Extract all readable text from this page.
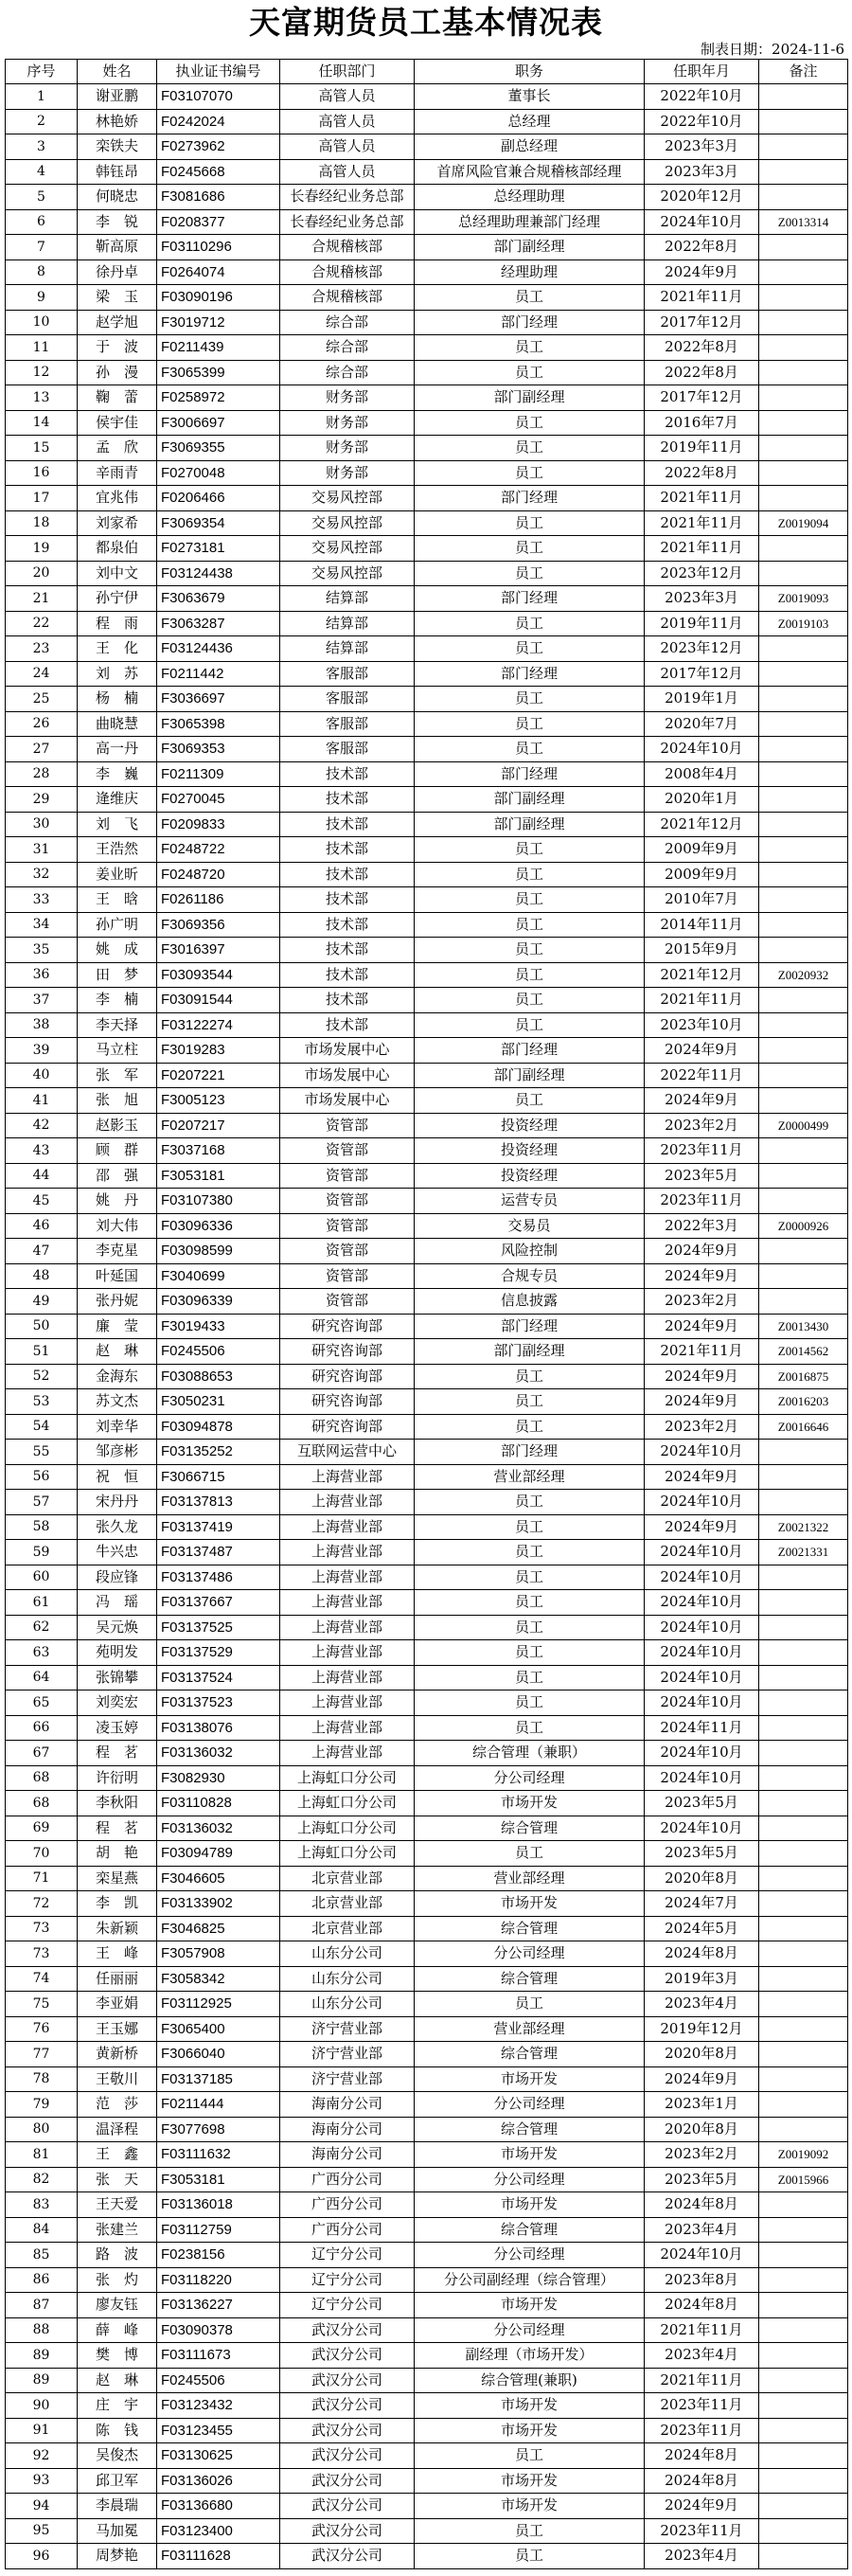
天富期货员工基本情况表
制表日期：2024-11-6
序号	姓名	执业证书编号	任职部门	职务	任职年月	备注
1	谢亚鹏	F03107070	高管人员	董事长	2022年10月	
2	林艳娇	F0242024	高管人员	总经理	2022年10月	
3	栾铁夫	F0273962	高管人员	副总经理	2023年3月	
4	韩钰昂	F0245668	高管人员	首席风险官兼合规稽核部经理	2023年3月	
5	何晓忠	F3081686	长春经纪业务总部	总经理助理	2020年12月	
6	李　锐	F0208377	长春经纪业务总部	总经理助理兼部门经理	2024年10月	Z0013314
7	靳高原	F03110296	合规稽核部	部门副经理	2022年8月	
8	徐丹卓	F0264074	合规稽核部	经理助理	2024年9月	
9	梁　玉	F03090196	合规稽核部	员工	2021年11月	
10	赵学旭	F3019712	综合部	部门经理	2017年12月	
11	于　波	F0211439	综合部	员工	2022年8月	
12	孙　漫	F3065399	综合部	员工	2022年8月	
13	鞠　蕾	F0258972	财务部	部门副经理	2017年12月	
14	侯宇佳	F3006697	财务部	员工	2016年7月	
15	孟　欣	F3069355	财务部	员工	2019年11月	
16	辛雨青	F0270048	财务部	员工	2022年8月	
17	宜兆伟	F0206466	交易风控部	部门经理	2021年11月	
18	刘家希	F3069354	交易风控部	员工	2021年11月	Z0019094
19	都泉伯	F0273181	交易风控部	员工	2021年11月	
20	刘中文	F03124438	交易风控部	员工	2023年12月	
21	孙宁伊	F3063679	结算部	部门经理	2023年3月	Z0019093
22	程　雨	F3063287	结算部	员工	2019年11月	Z0019103
23	王　化	F03124436	结算部	员工	2023年12月	
24	刘　苏	F0211442	客服部	部门经理	2017年12月	
25	杨　楠	F3036697	客服部	员工	2019年1月	
26	曲晓慧	F3065398	客服部	员工	2020年7月	
27	高一丹	F3069353	客服部	员工	2024年10月	
28	李　巍	F0211309	技术部	部门经理	2008年4月	
29	逄维庆	F0270045	技术部	部门副经理	2020年1月	
30	刘　飞	F0209833	技术部	部门副经理	2021年12月	
31	王浩然	F0248722	技术部	员工	2009年9月	
32	姜业昕	F0248720	技术部	员工	2009年9月	
33	王　晗	F0261186	技术部	员工	2010年7月	
34	孙广明	F3069356	技术部	员工	2014年11月	
35	姚　成	F3016397	技术部	员工	2015年9月	
36	田　梦	F03093544	技术部	员工	2021年12月	Z0020932
37	李　楠	F03091544	技术部	员工	2021年11月	
38	李天择	F03122274	技术部	员工	2023年10月	
39	马立柱	F3019283	市场发展中心	部门经理	2024年9月	
40	张　军	F0207221	市场发展中心	部门副经理	2022年11月	
41	张　旭	F3005123	市场发展中心	员工	2024年9月	
42	赵影玉	F0207217	资管部	投资经理	2023年2月	Z0000499
43	顾　群	F3037168	资管部	投资经理	2023年11月	
44	邵　强	F3053181	资管部	投资经理	2023年5月	
45	姚　丹	F03107380	资管部	运营专员	2023年11月	
46	刘大伟	F03096336	资管部	交易员	2022年3月	Z0000926
47	李克星	F03098599	资管部	风险控制	2024年9月	
48	叶延国	F3040699	资管部	合规专员	2024年9月	
49	张丹妮	F03096339	资管部	信息披露	2023年2月	
50	廉　莹	F3019433	研究咨询部	部门经理	2024年9月	Z0013430
51	赵　琳	F0245506	研究咨询部	部门副经理	2021年11月	Z0014562
52	金海东	F03088653	研究咨询部	员工	2024年9月	Z0016875
53	苏文杰	F3050231	研究咨询部	员工	2024年9月	Z0016203
54	刘幸华	F03094878	研究咨询部	员工	2023年2月	Z0016646
55	邹彦彬	F03135252	互联网运营中心	部门经理	2024年10月	
56	祝　恒	F3066715	上海营业部	营业部经理	2024年9月	
57	宋丹丹	F03137813	上海营业部	员工	2024年10月	
58	张久龙	F03137419	上海营业部	员工	2024年9月	Z0021322
59	牛兴忠	F03137487	上海营业部	员工	2024年10月	Z0021331
60	段应锋	F03137486	上海营业部	员工	2024年10月	
61	冯　瑶	F03137667	上海营业部	员工	2024年10月	
62	吴元焕	F03137525	上海营业部	员工	2024年10月	
63	苑明发	F03137529	上海营业部	员工	2024年10月	
64	张锦攀	F03137524	上海营业部	员工	2024年10月	
65	刘奕宏	F03137523	上海营业部	员工	2024年10月	
66	凌玉婷	F03138076	上海营业部	员工	2024年11月	
67	程　茗	F03136032	上海营业部	综合管理（兼职）	2024年10月	
68	许衍明	F3082930	上海虹口分公司	分公司经理	2024年10月	
68	李秋阳	F03110828	上海虹口分公司	市场开发	2023年5月	
69	程　茗	F03136032	上海虹口分公司	综合管理	2024年10月	
70	胡　艳	F03094789	上海虹口分公司	员工	2023年5月	
71	栾星燕	F3046605	北京营业部	营业部经理	2020年8月	
72	李　凯	F03133902	北京营业部	市场开发	2024年7月	
73	朱新颖	F3046825	北京营业部	综合管理	2024年5月	
73	王　峰	F3057908	山东分公司	分公司经理	2024年8月	
74	任丽丽	F3058342	山东分公司	综合管理	2019年3月	
75	李亚娟	F03112925	山东分公司	员工	2023年4月	
76	王玉娜	F3065400	济宁营业部	营业部经理	2019年12月	
77	黄新桥	F3066040	济宁营业部	综合管理	2020年8月	
78	王敬川	F03137185	济宁营业部	市场开发	2024年9月	
79	范　莎	F0211444	海南分公司	分公司经理	2023年1月	
80	温泽程	F3077698	海南分公司	综合管理	2020年8月	
81	王　鑫	F03111632	海南分公司	市场开发	2023年2月	Z0019092
82	张　天	F3053181	广西分公司	分公司经理	2023年5月	Z0015966
83	王天爱	F03136018	广西分公司	市场开发	2024年8月	
84	张建兰	F03112759	广西分公司	综合管理	2023年4月	
85	路　波	F0238156	辽宁分公司	分公司经理	2024年10月	
86	张　灼	F03118220	辽宁分公司	分公司副经理（综合管理）	2023年8月	
87	廖友钰	F03136227	辽宁分公司	市场开发	2024年8月	
88	薛　峰	F03090378	武汉分公司	分公司经理	2021年11月	
89	樊　博	F03111673	武汉分公司	副经理（市场开发）	2023年4月	
89	赵　琳	F0245506	武汉分公司	综合管理(兼职)	2021年11月	
90	庄　宇	F03123432	武汉分公司	市场开发	2023年11月	
91	陈　钱	F03123455	武汉分公司	市场开发	2023年11月	
92	吴俊杰	F03130625	武汉分公司	员工	2024年8月	
93	邱卫军	F03136026	武汉分公司	市场开发	2024年8月	
94	李晨瑞	F03136680	武汉分公司	市场开发	2024年9月	
95	马加冕	F03123400	武汉分公司	员工	2023年11月	
96	周梦艳	F03111628	武汉分公司	员工	2023年4月	
